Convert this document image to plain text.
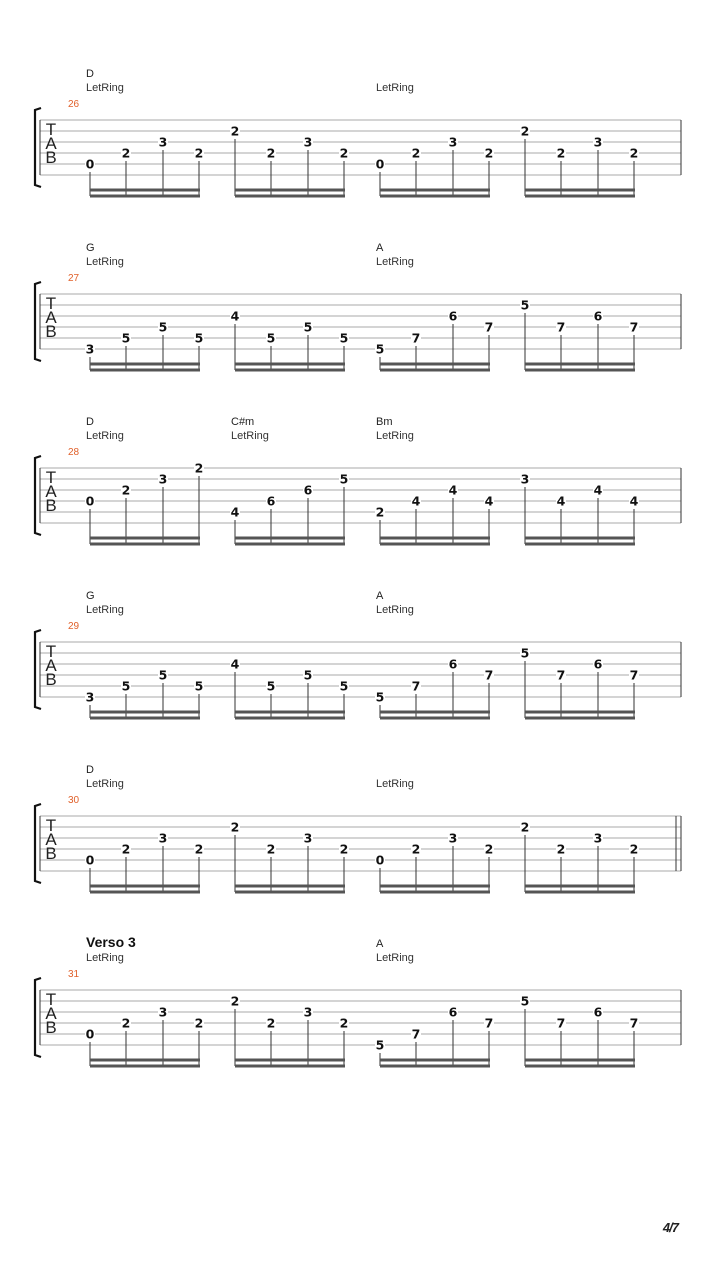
D
LetRing	LetRing
26
T
A
B 0
2
3
2
2
2
3
2
0
2
3
2
2
2
3
2
G
LetRing
A
LetRing
27
T
A
B
3
5
5
5
4
5
5
5
5
7
6
7
5
7
6
7
D
LetRing
C#m
LetRing
Bm
LetRing
28
T
A
B 0
2
3
2
4
6
6
5
2
4
4
4
3
4
4
4
G
LetRing
A
LetRing
29
T
A
B
3
5
5
5
4
5
5
5
5
7
6
7
5
7
6
7
D
LetRing	LetRing
30
T
A
B 0
2
3
2
2
2
3
2
0
2
3
2
2
2
3
2
Verso 3
LetRing
A
LetRing
31
T
A
B 0
2
3
2
2
2
3
2
5
7
6
7
5
7
6
7
4/7
